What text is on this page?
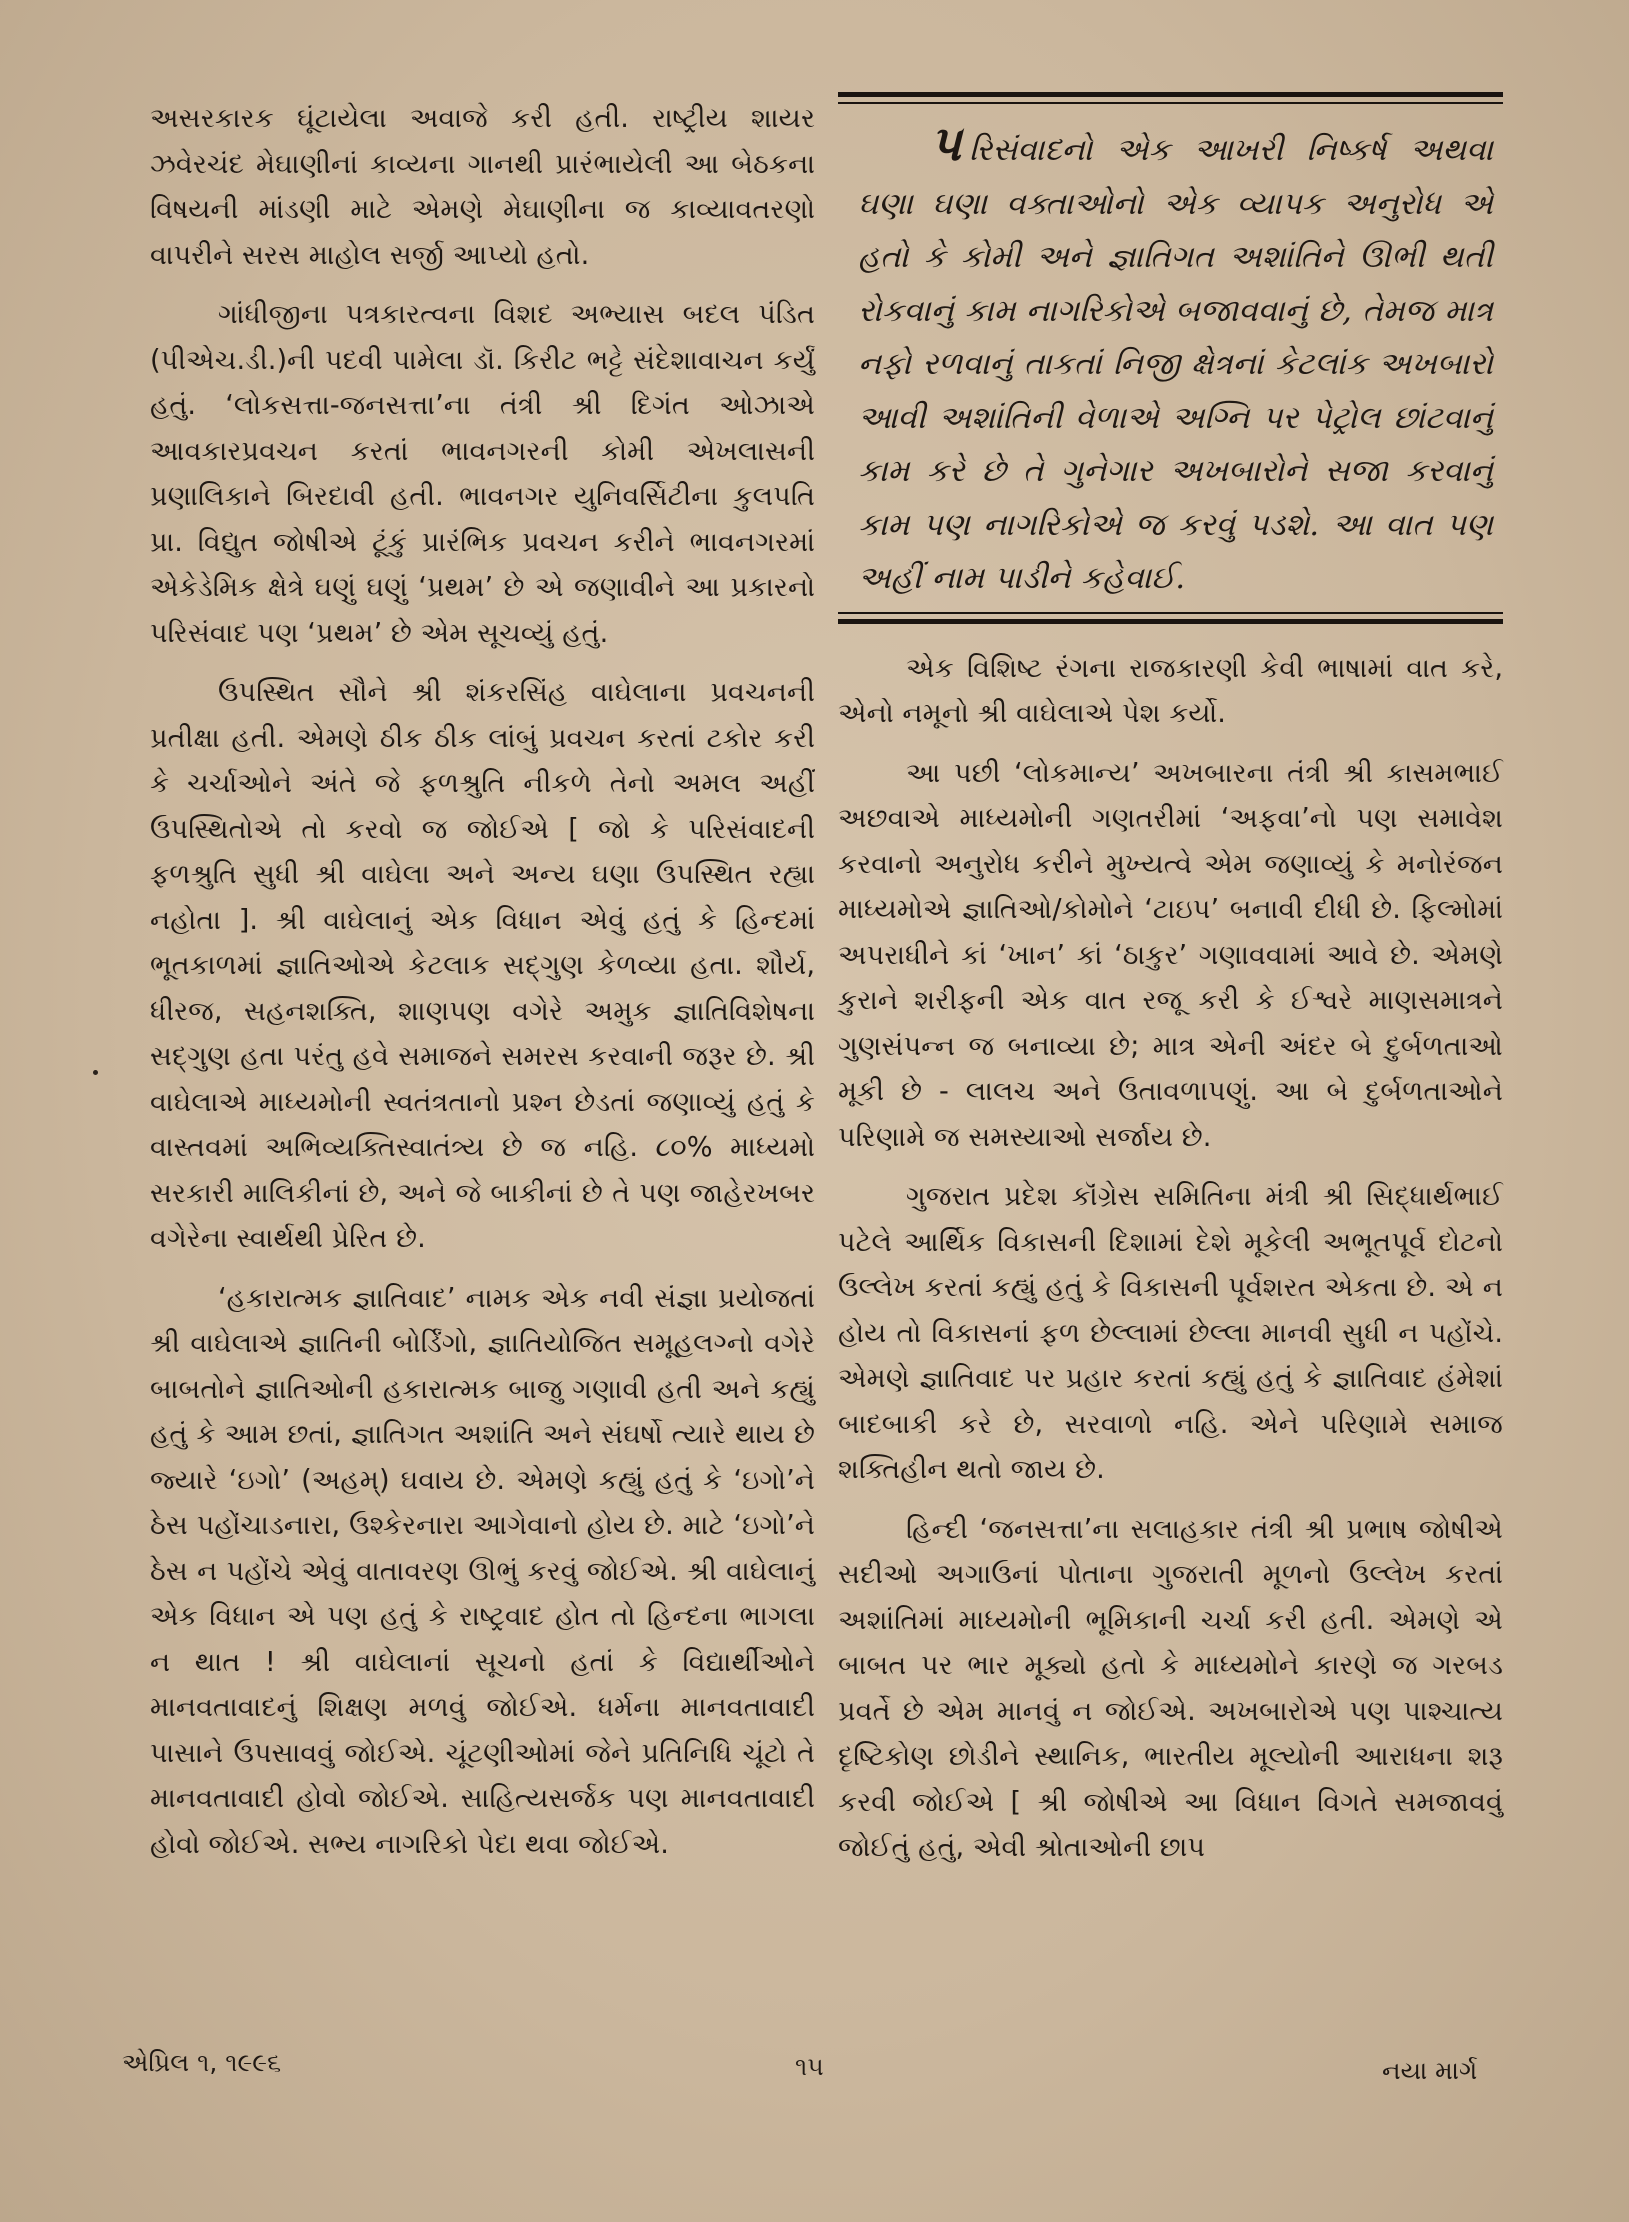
અસરકારક ઘૂંટાયેલા અવાજે કરી હતી. રાષ્ટ્રીય શાયર ઝવેરચંદ મેઘાણીનાં કાવ્યના ગાનથી પ્રારંભાયેલી આ બેઠકના વિષયની માંડણી માટે એમણે મેઘાણીના જ કાવ્યાવતરણો વાપરીને સરસ માહોલ સર્જી આપ્યો હતો.

ગાંધીજીના પત્રકારત્વના વિશદ અભ્યાસ બદલ પંડિત (પીએચ.ડી.)ની પદવી પામેલા ડૉ. કિરીટ ભટ્ટે સંદેશાવાચન કર્યું હતું. ‘લોકસત્તા-જનસત્તા’ના તંત્રી શ્રી દિગંત ઓઝાએ આવકારપ્રવચન કરતાં ભાવનગરની કોમી એખલાસની પ્રણાલિકાને બિરદાવી હતી. ભાવનગર યુનિવર્સિટીના કુલપતિ પ્રા. વિદ્યુત જોષીએ ટૂંકું પ્રારંભિક પ્રવચન કરીને ભાવનગરમાં એકેડેમિક ક્ષેત્રે ઘણું ઘણું ‘પ્રથમ’ છે એ જણાવીને આ પ્રકારનો પરિસંવાદ પણ ‘પ્રથમ’ છે એમ સૂચવ્યું હતું.

ઉપસ્થિત સૌને શ્રી શંકરસિંહ વાઘેલાના પ્રવચનની પ્રતીક્ષા હતી. એમણે ઠીક ઠીક લાંબું પ્રવચન કરતાં ટકોર કરી કે ચર્ચાઓને અંતે જે ફળશ્રુતિ નીકળે તેનો અમલ અહીં ઉપસ્થિતોએ તો કરવો જ જોઈએ [ જો કે પરિસંવાદની ફળશ્રુતિ સુધી શ્રી વાઘેલા અને અન્ય ઘણા ઉપસ્થિત રહ્યા નહોતા ]. શ્રી વાઘેલાનું એક વિધાન એવું હતું કે હિન્દમાં ભૂતકાળમાં જ્ઞાતિઓએ કેટલાક સદ્ગુણ કેળવ્યા હતા. શૌર્ય, ધીરજ, સહનશક્તિ, શાણપણ વગેરે અમુક જ્ઞાતિવિશેષના સદ્ગુણ હતા પરંતુ હવે સમાજને સમરસ કરવાની જરૂર છે. શ્રી વાઘેલાએ માધ્યમોની સ્વતંત્રતાનો પ્રશ્ન છેડતાં જણાવ્યું હતું કે વાસ્તવમાં અભિવ્યક્તિસ્વાતંત્ર્ય છે જ નહિ. ૮૦% માધ્યમો સરકારી માલિકીનાં છે, અને જે બાકીનાં છે તે પણ જાહેરખબર વગેરેના સ્વાર્થથી પ્રેરિત છે.

‘હકારાત્મક જ્ઞાતિવાદ’ નામક એક નવી સંજ્ઞા પ્રયોજતાં શ્રી વાઘેલાએ જ્ઞાતિની બોર્ડિંગો, જ્ઞાતિયોજિત સમૂહલગ્નો વગેરે બાબતોને જ્ઞાતિઓની હકારાત્મક બાજુ ગણાવી હતી અને કહ્યું હતું કે આમ છતાં, જ્ઞાતિગત અશાંતિ અને સંઘર્ષો ત્યારે થાય છે જ્યારે ‘ઇગો’ (અહમ્) ઘવાય છે. એમણે કહ્યું હતું કે ‘ઇગો’ને ઠેસ પહોંચાડનારા, ઉશ્કેરનારા આગેવાનો હોય છે. માટે ‘ઇગો’ને ઠેસ ન પહોંચે એવું વાતાવરણ ઊભું કરવું જોઈએ. શ્રી વાઘેલાનું એક વિધાન એ પણ હતું કે રાષ્ટ્રવાદ હોત તો હિન્દના ભાગલા ન થાત ! શ્રી વાઘેલાનાં સૂચનો હતાં કે વિદ્યાર્થીઓને માનવતાવાદનું શિક્ષણ મળવું જોઈએ. ધર્મના માનવતાવાદી પાસાને ઉપસાવવું જોઈએ. ચૂંટણીઓમાં જેને પ્રતિનિધિ ચૂંટો તે માનવતાવાદી હોવો જોઈએ. સાહિત્યસર્જક પણ માનવતાવાદી હોવો જોઈએ. સભ્ય નાગરિકો પેદા થવા જોઈએ.

પરિસંવાદનો એક આખરી નિષ્કર્ષ અથવા ઘણા ઘણા વક્તાઓનો એક વ્યાપક અનુરોધ એ હતો કે કોમી અને જ્ઞાતિગત અશાંતિને ઊભી થતી રોકવાનું કામ નાગરિકોએ બજાવવાનું છે, તેમજ માત્ર નફો રળવાનું તાકતાં નિજી ક્ષેત્રનાં કેટલાંક અખબારો આવી અશાંતિની વેળાએ અગ્નિ પર પેટ્રોલ છાંટવાનું કામ કરે છે તે ગુનેગાર અખબારોને સજા કરવાનું કામ પણ નાગરિકોએ જ કરવું પડશે. આ વાત પણ અહીં નામ પાડીને કહેવાઈ.

એક વિશિષ્ટ રંગના રાજકારણી કેવી ભાષામાં વાત કરે, એનો નમૂનો શ્રી વાઘેલાએ પેશ કર્યો.

આ પછી ‘લોકમાન્ય’ અખબારના તંત્રી શ્રી કાસમભાઈ અછવાએ માધ્યમોની ગણતરીમાં ‘અફવા’નો પણ સમાવેશ કરવાનો અનુરોધ કરીને મુખ્યત્વે એમ જણાવ્યું કે મનોરંજન માધ્યમોએ જ્ઞાતિઓ/કોમોને ‘ટાઇપ’ બનાવી દીધી છે. ફિલ્મોમાં અપરાધીને કાં ‘ખાન’ કાં ‘ઠાકુર’ ગણાવવામાં આવે છે. એમણે કુરાને શરીફની એક વાત રજૂ કરી કે ઈશ્વરે માણસમાત્રને ગુણસંપન્ન જ બનાવ્યા છે; માત્ર એની અંદર બે દુર્બળતાઓ મૂકી છે - લાલચ અને ઉતાવળાપણું. આ બે દુર્બળતાઓને પરિણામે જ સમસ્યાઓ સર્જાય છે.

ગુજરાત પ્રદેશ કૉંગ્રેસ સમિતિના મંત્રી શ્રી સિદ્ધાર્થભાઈ પટેલે આર્થિક વિકાસની દિશામાં દેશે મૂકેલી અભૂતપૂર્વ દોટનો ઉલ્લેખ કરતાં કહ્યું હતું કે વિકાસની પૂર્વશરત એકતા છે. એ ન હોય તો વિકાસનાં ફળ છેલ્લામાં છેલ્લા માનવી સુધી ન પહોંચે. એમણે જ્ઞાતિવાદ પર પ્રહાર કરતાં કહ્યું હતું કે જ્ઞાતિવાદ હંમેશાં બાદબાકી કરે છે, સરવાળો નહિ. એને પરિણામે સમાજ શક્તિહીન થતો જાય છે.

હિન્દી ‘જનસત્તા’ના સલાહકાર તંત્રી શ્રી પ્રભાષ જોષીએ સદીઓ અગાઉનાં પોતાના ગુજરાતી મૂળનો ઉલ્લેખ કરતાં અશાંતિમાં માધ્યમોની ભૂમિકાની ચર્ચા કરી હતી. એમણે એ બાબત પર ભાર મૂક્યો હતો કે માધ્યમોને કારણે જ ગરબડ પ્રવર્તે છે એમ માનવું ન જોઈએ. અખબારોએ પણ પાશ્ચાત્ય દૃષ્ટિકોણ છોડીને સ્થાનિક, ભારતીય મૂલ્યોની આરાધના શરૂ કરવી જોઈએ [ શ્રી જોષીએ આ વિધાન વિગતે સમજાવવું જોઈતું હતું, એવી શ્રોતાઓની છાપ

એપ્રિલ ૧, ૧૯૯૬	૧૫	નયા માર્ગ
